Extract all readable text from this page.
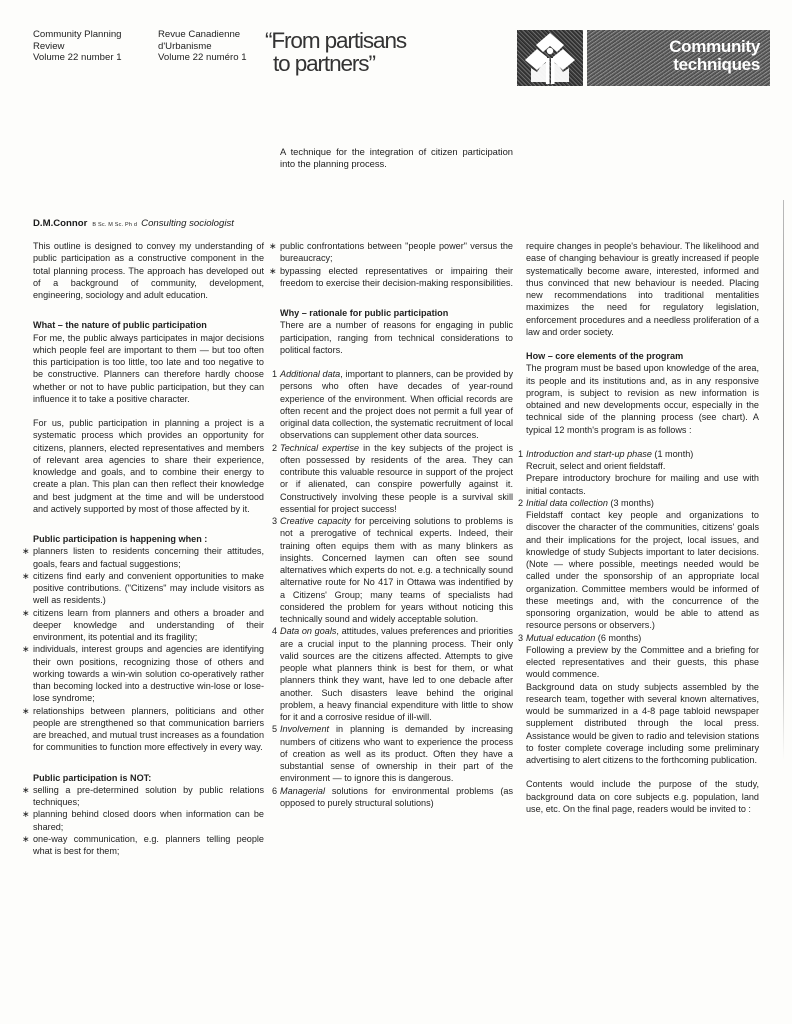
Community Planning
Review
Volume 22 number 1
Revue Canadienne
d'Urbanisme
Volume 22 numéro 1
“From partisans
to partners”
Community
techniques
A technique for the integration of citizen participation into the planning process.
D.M.Connor B Sc. M Sc. Ph d Consulting sociologist

This outline is designed to convey my understanding of public participation as a constructive component in the total planning process. The approach has developed out of a background of community, development, engineering, sociology and adult education.

What – the nature of public participation

For me, the public always participates in major decisions which people feel are important to them — but too often this participation is too little, too late and too negative to be constructive. Planners can therefore hardly choose whether or not to have public participation, but they can influence it to take a positive character.

For us, public participation in planning a project is a systematic process which provides an opportunity for citizens, planners, elected representatives and members of relevant area agencies to share their experience, knowledge and goals, and to combine their energy to create a plan. This plan can then reflect their knowledge and best judgment at the time and will be understood and actively supported by most of those affected by it.

Public participation is happening when :
∗ planners listen to residents concerning their attitudes, goals, fears and factual suggestions;

∗ citizens find early and convenient opportunities to make positive contributions. ("Citizens" may include visitors as well as residents.)

∗ citizens learn from planners and others a broader and deeper knowledge and understanding of their environment, its potential and its fragility;

∗ individuals, interest groups and agencies are identifying their own positions, recognizing those of others and working towards a win-win solution co-operatively rather than becoming locked into a destructive win-lose or lose-lose syndrome;

∗ relationships between planners, politicians and other people are strengthened so that communication barriers are breached, and mutual trust increases as a foundation for communities to function more effectively in every way.

Public participation is NOT:
∗ selling a pre-determined solution by public relations techniques;

∗ planning behind closed doors when information can be shared;

∗ one-way communication, e.g. planners telling people what is best for them;

∗ public confrontations between "people power" versus the bureaucracy;

∗ bypassing elected representatives or impairing their freedom to exercise their decision-making responsibilities.

Why – rationale for public participation

There are a number of reasons for engaging in public participation, ranging from technical considerations to political factors.

1 Additional data, important to planners, can be provided by persons who often have decades of year-round experience of the environment. When official records are often recent and the project does not permit a full year of original data collection, the systematic recruitment of local observations can supplement other data sources.

2 Technical expertise in the key subjects of the project is often possessed by residents of the area. They can contribute this valuable resource in support of the project or if alienated, can conspire powerfully against it. Constructively involving these people is a survival skill essential for project success!

3 Creative capacity for perceiving solutions to problems is not a prerogative of technical experts. Indeed, their training often equips them with as many blinkers as insights. Concerned laymen can often see sound alternatives which experts do not. e.g. a technically sound alternative route for No 417 in Ottawa was indentified by a Citizens' Group; many teams of specialists had considered the problem for years without noticing this technically sound and widely acceptable solution.

4 Data on goals, attitudes, values preferences and priorities are a crucial input to the planning process. Their only valid sources are the citizens affected. Attempts to give people what planners think is best for them, or what planners think they want, have led to one debacle after another. Such disasters leave behind the original problem, a heavy financial expenditure with little to show for it and a corrosive residue of ill-will.

5 Involvement in planning is demanded by increasing numbers of citizens who want to experience the process of creation as well as its product. Often they have a substantial sense of ownership in their part of the environment — to ignore this is dangerous.

6 Managerial solutions for environmental problems (as opposed to purely structural solutions)

require changes in people's behaviour. The likelihood and ease of changing behaviour is greatly increased if people systematically become aware, interested, informed and thus convinced that new behaviour is needed. Placing new recommendations into traditional mentalities maximizes the need for regulatory legislation, enforcement procedures and a needless proliferation of a law and order society.

How – core elements of the program

The program must be based upon knowledge of the area, its people and its institutions and, as in any responsive program, is subject to revision as new information is obtained and new developments occur, especially in the technical side of the planning process (see chart). A typical 12 month's program is as follows :

1 Introduction and start-up phase (1 month)

Recruit, select and orient fieldstaff.

Prepare introductory brochure for mailing and use with initial contacts.

2 Initial data collection (3 months)

Fieldstaff contact key people and organizations to discover the character of the communities, citizens' goals and their implications for the project, local issues, and knowledge of study Subjects important to later decisions. (Note — where possible, meetings needed would be called under the sponsorship of an appropriate local organization. Committee members would be informed of these meetings and, with the concurrence of the sponsoring organization, would be able to attend as resource persons or observers.)

3 Mutual education (6 months)

Following a preview by the Committee and a briefing for elected representatives and their guests, this phase would commence.

Background data on study subjects assembled by the research team, together with several known alternatives, would be summarized in a 4-8 page tabloid newspaper supplement distributed through the local press. Assistance would be given to radio and television stations to foster complete coverage including some preliminary advertising to alert citizens to the forthcoming publication.

Contents would include the purpose of the study, background data on core subjects e.g. population, land use, etc. On the final page, readers would be invited to :
